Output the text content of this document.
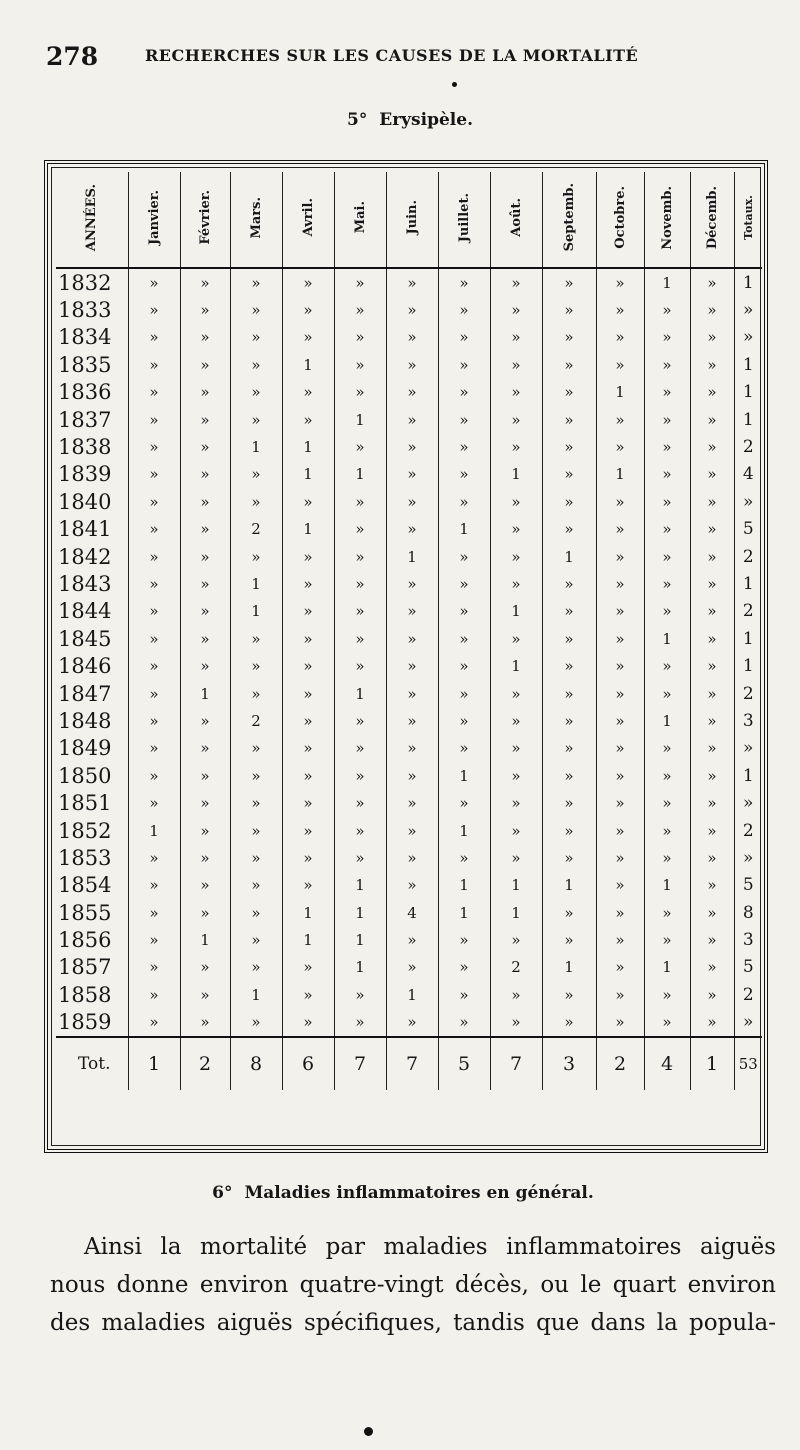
278	RECHERCHES SUR LES CAUSES DE LA MORTALITÉ
5° Erysipèle.
ANNÉES.	Janvier.	Février.	Mars.	Avril.	Mai.	Juin.	Juillet.	Août.	Septemb.	Octobre.	Novemb.	Décemb.	Totaux.
1832	»	»	»	»	»	»	»	»	»	»	1	»	1
1833	»	»	»	»	»	»	»	»	»	»	»	»	»
1834	»	»	»	»	»	»	»	»	»	»	»	»	»
1835	»	»	»	1	»	»	»	»	»	»	»	»	1
1836	»	»	»	»	»	»	»	»	»	1	»	»	1
1837	»	»	»	»	1	»	»	»	»	»	»	»	1
1838	»	»	1	1	»	»	»	»	»	»	»	»	2
1839	»	»	»	1	1	»	»	1	»	1	»	»	4
1840	»	»	»	»	»	»	»	»	»	»	»	»	»
1841	»	»	2	1	»	»	1	»	»	»	»	»	5
1842	»	»	»	»	»	1	»	»	1	»	»	»	2
1843	»	»	1	»	»	»	»	»	»	»	»	»	1
1844	»	»	1	»	»	»	»	1	»	»	»	»	2
1845	»	»	»	»	»	»	»	»	»	»	1	»	1
1846	»	»	»	»	»	»	»	1	»	»	»	»	1
1847	»	1	»	»	1	»	»	»	»	»	»	»	2
1848	»	»	2	»	»	»	»	»	»	»	1	»	3
1849	»	»	»	»	»	»	»	»	»	»	»	»	»
1850	»	»	»	»	»	»	1	»	»	»	»	»	1
1851	»	»	»	»	»	»	»	»	»	»	»	»	»
1852	1	»	»	»	»	»	1	»	»	»	»	»	2
1853	»	»	»	»	»	»	»	»	»	»	»	»	»
1854	»	»	»	»	1	»	1	1	1	»	1	»	5
1855	»	»	»	1	1	4	1	1	»	»	»	»	8
1856	»	1	»	1	1	»	»	»	»	»	»	»	3
1857	»	»	»	»	1	»	»	2	1	»	1	»	5
1858	»	»	1	»	»	1	»	»	»	»	»	»	2
1859	»	»	»	»	»	»	»	»	»	»	»	»	»
Tot.	1	2	8	6	7	7	5	7	3	2	4	1	53
6° Maladies inflammatoires en général.
Ainsi la mortalité par maladies inflammatoires aiguës
nous donne environ quatre-vingt décès, ou le quart environ
des maladies aiguës spécifiques, tandis que dans la popula-
